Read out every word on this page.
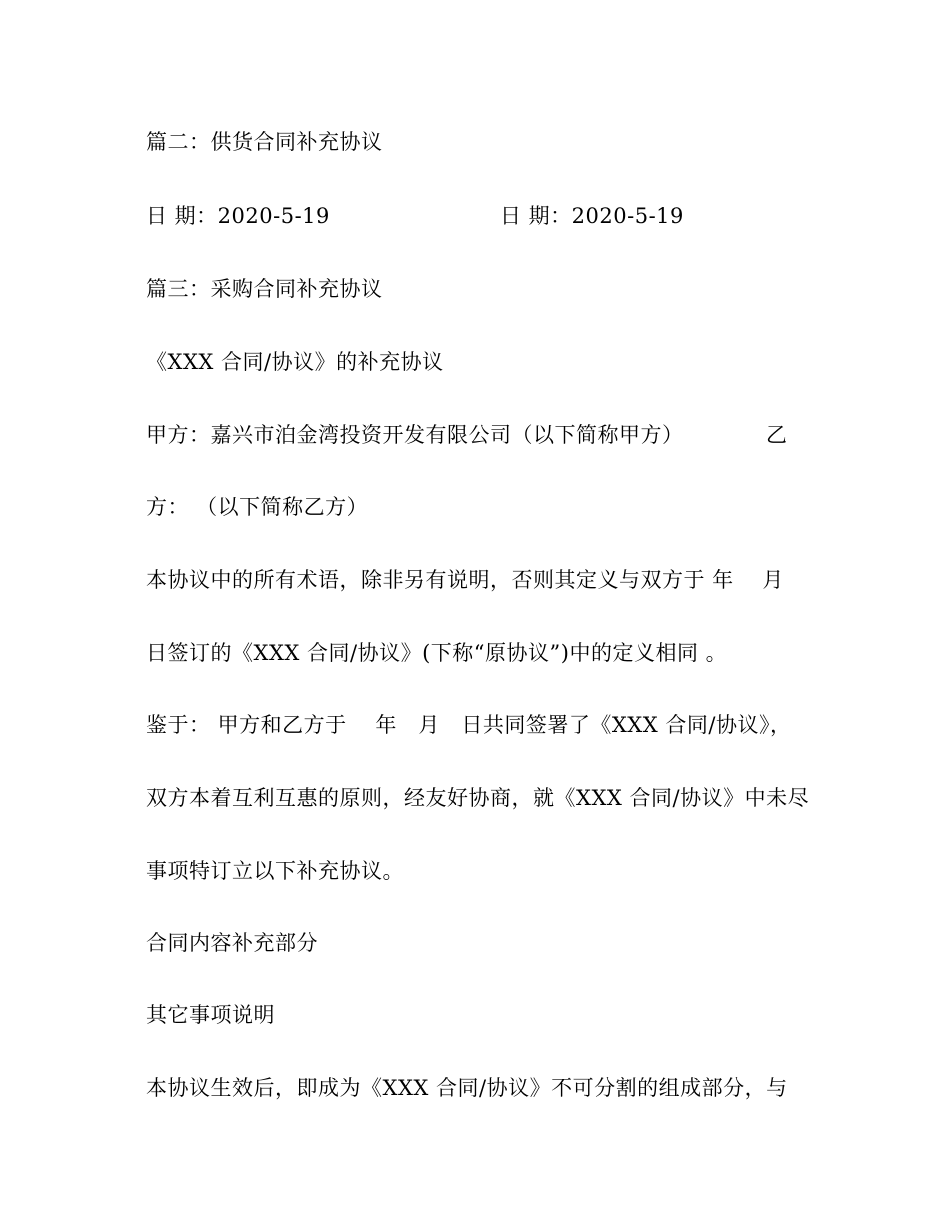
篇二：供货合同补充协议
日 期：2020-5-19	日 期：2020-5-19
篇三：采购合同补充协议
《XXX 合同/协议》的补充协议
甲方：嘉兴市泊金湾投资开发有限公司（以下简称甲方）	乙
方： （以下简称乙方）
本协议中的所有术语，除非另有说明，否则其定义与双方于 年　 月
日签订的《XXX 合同/协议》(下称“原协议”)中的定义相同 。
鉴于： 甲方和乙方于　 年　月　日共同签署了《XXX 合同/协议》，
双方本着互利互惠的原则，经友好协商，就《XXX 合同/协议》中未尽
事项特订立以下补充协议。
合同内容补充部分
其它事项说明
本协议生效后，即成为《XXX 合同/协议》不可分割的组成部分，与
